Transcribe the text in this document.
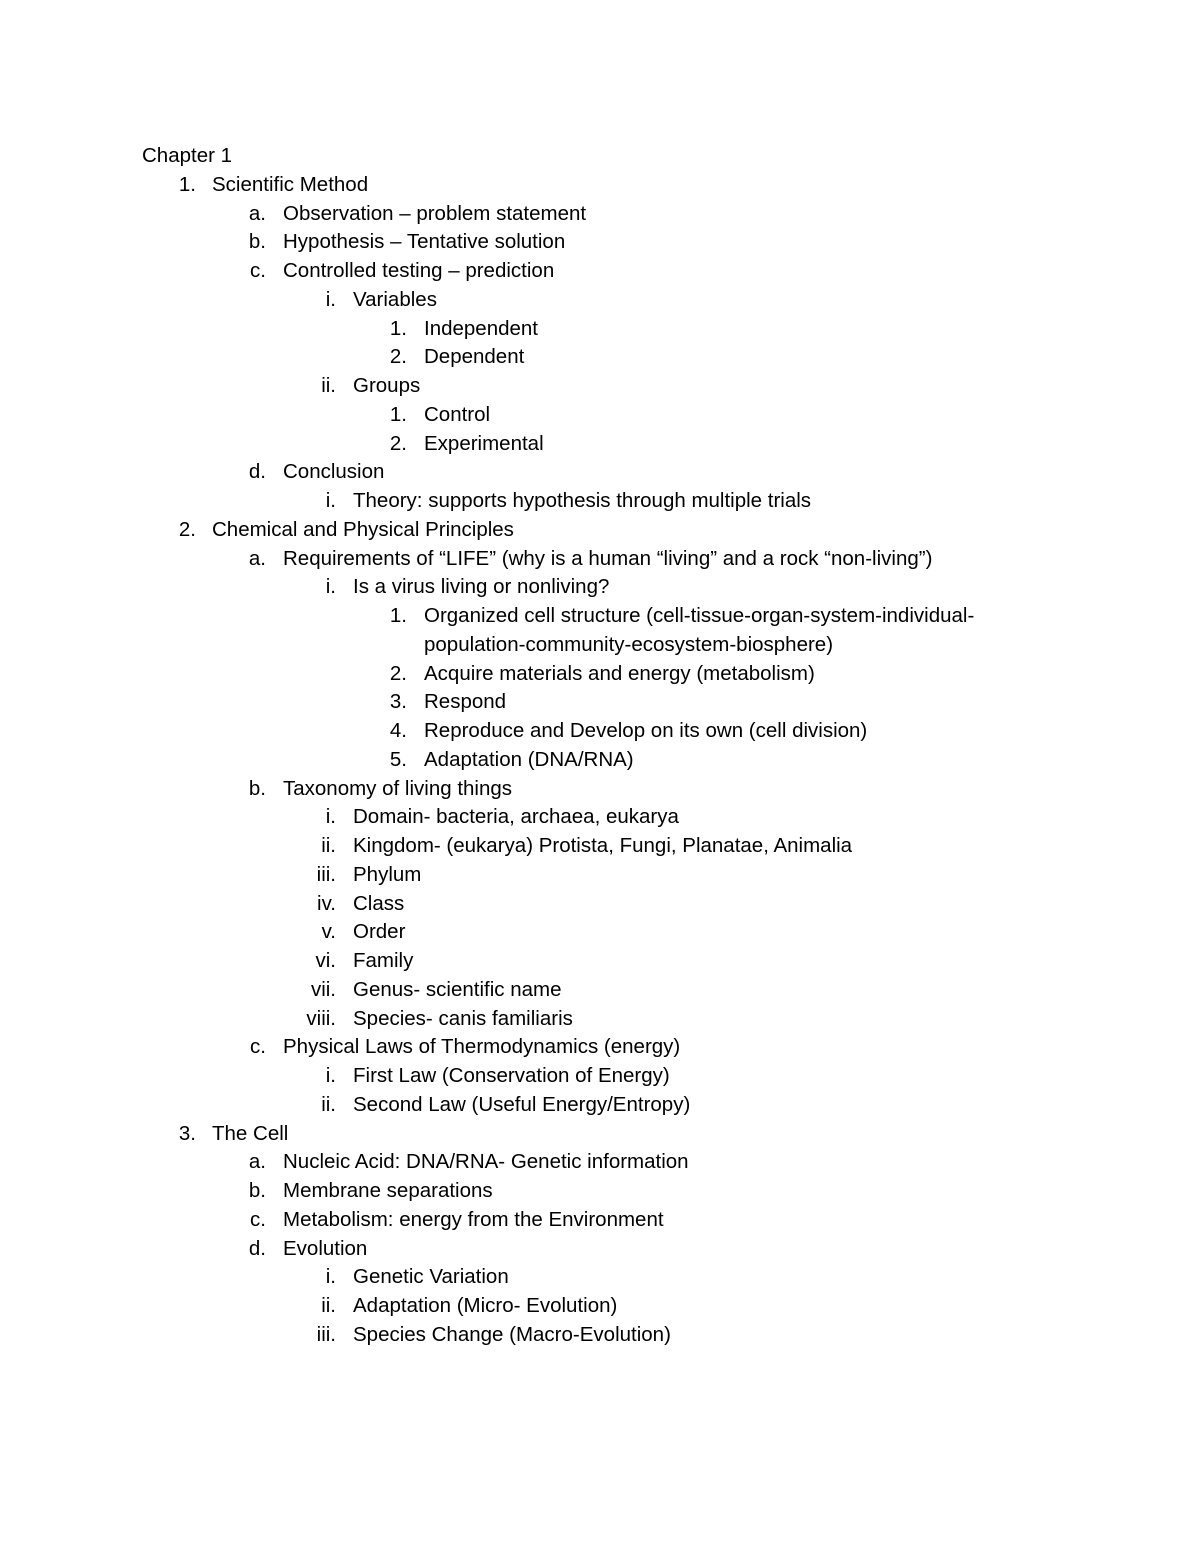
Chapter 1
1. Scientific Method
a. Observation – problem statement
b. Hypothesis – Tentative solution
c. Controlled testing – prediction
i. Variables
1. Independent
2. Dependent
ii. Groups
1. Control
2. Experimental
d. Conclusion
i. Theory: supports hypothesis through multiple trials
2. Chemical and Physical Principles
a. Requirements of “LIFE” (why is a human “living” and a rock “non-living”)
i. Is a virus living or nonliving?
1. Organized cell structure (cell-tissue-organ-system-individual-
population-community-ecosystem-biosphere)
2. Acquire materials and energy (metabolism)
3. Respond
4. Reproduce and Develop on its own (cell division)
5. Adaptation (DNA/RNA)
b. Taxonomy of living things
i. Domain- bacteria, archaea, eukarya
ii. Kingdom- (eukarya) Protista, Fungi, Planatae, Animalia
iii. Phylum
iv. Class
v. Order
vi. Family
vii. Genus- scientific name
viii. Species- canis familiaris
c. Physical Laws of Thermodynamics (energy)
i. First Law (Conservation of Energy)
ii. Second Law (Useful Energy/Entropy)
3. The Cell
a. Nucleic Acid: DNA/RNA- Genetic information
b. Membrane separations
c. Metabolism: energy from the Environment
d. Evolution
i. Genetic Variation
ii. Adaptation (Micro- Evolution)
iii. Species Change (Macro-Evolution)
